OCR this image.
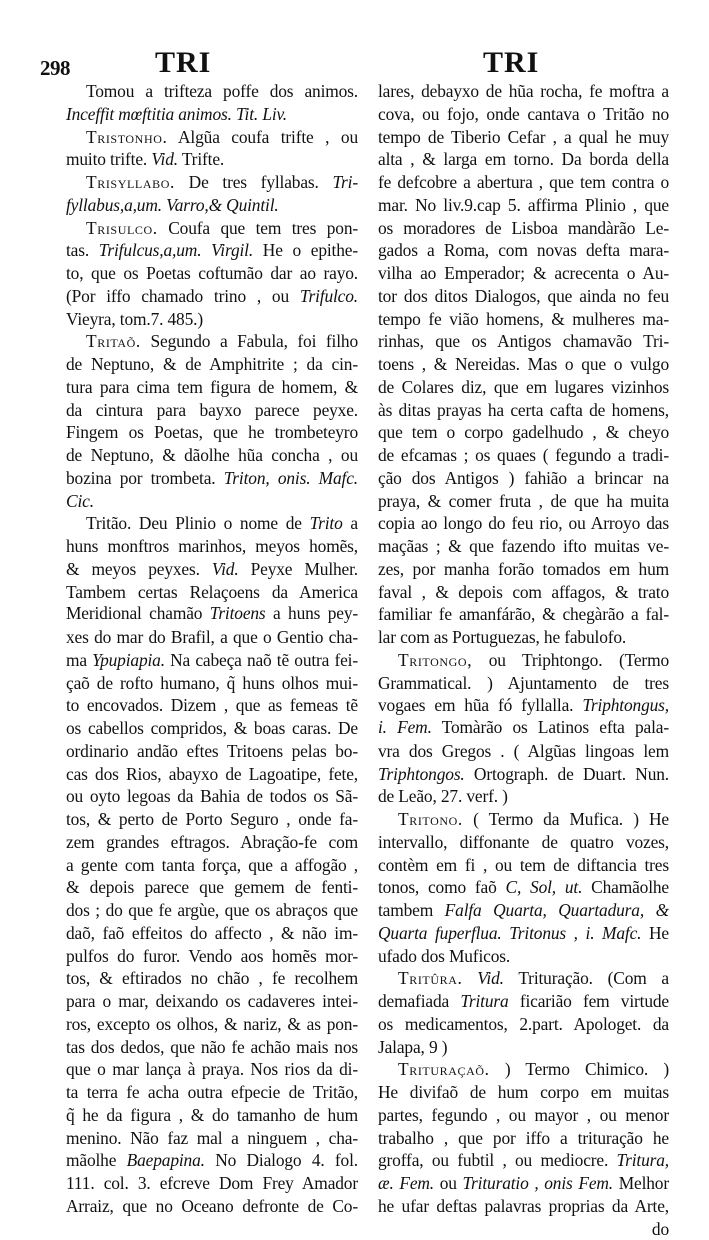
298	TRI	TRI
Tomou a trifteza poffe dos animos.
Inceffit mœftitia animos. Tit. Liv.
Tristonho. Algũa coufa trifte , ou
muito trifte. Vid. Trifte.
Trisyllabo. De tres fyllabas. Tri-
fyllabus,a,um. Varro,& Quintil.
Trisulco. Coufa que tem tres pon-
tas. Trifulcus,a,um. Virgil. He o epithe-
to, que os Poetas coftumão dar ao rayo.
(Por iffo chamado trino , ou Trifulco.
Vieyra, tom.7. 485.)
Tritaõ. Segundo a Fabula, foi filho
de Neptuno, & de Amphitrite ; da cin-
tura para cima tem figura de homem, &
da cintura para bayxo parece peyxe.
Fingem os Poetas, que he trombeteyro
de Neptuno, & dãolhe hũa concha , ou
bozina por trombeta. Triton, onis. Mafc.
Cic.
Tritão. Deu Plinio o nome de Trito a
huns monftros marinhos, meyos homẽs,
& meyos peyxes. Vid. Peyxe Mulher.
Tambem certas Relaçoens da America
Meridional chamão Tritoens a huns pey-
xes do mar do Brafil, a que o Gentio cha-
ma Ypupiapia. Na cabeça naõ tẽ outra fei-
çaõ de rofto humano, q̃ huns olhos mui-
to encovados. Dizem , que as femeas tẽ
os cabellos compridos, & boas caras. De
ordinario andão eftes Tritoens pelas bo-
cas dos Rios, abayxo de Lagoatipe, fete,
ou oyto legoas da Bahia de todos os Sã-
tos, & perto de Porto Seguro , onde fa-
zem grandes eftragos. Abração-fe com
a gente com tanta força, que a affogão ,
& depois parece que gemem de fenti-
dos ; do que fe argùe, que os abraços que
daõ, faõ effeitos do affecto , & não im-
pulfos do furor. Vendo aos homẽs mor-
tos, & eftirados no chão , fe recolhem
para o mar, deixando os cadaveres intei-
ros, excepto os olhos, & nariz, & as pon-
tas dos dedos, que não fe achão mais nos
que o mar lança à praya. Nos rios da di-
ta terra fe acha outra efpecie de Tritão,
q̃ he da figura , & do tamanho de hum
menino. Não faz mal a ninguem , cha-
mãolhe Baepapina. No Dialogo 4. fol.
111. col. 3. efcreve Dom Frey Amador
Arraiz, que no Oceano defronte de Co-
lares, debayxo de hũa rocha, fe moftra a
cova, ou fojo, onde cantava o Tritão no
tempo de Tiberio Cefar , a qual he muy
alta , & larga em torno. Da borda della
fe defcobre a abertura , que tem contra o
mar. No liv.9.cap 5. affirma Plinio , que
os moradores de Lisboa mandàrão Le-
gados a Roma, com novas defta mara-
vilha ao Emperador; & acrecenta o Au-
tor dos ditos Dialogos, que ainda no feu
tempo fe vião homens, & mulheres ma-
rinhas, que os Antigos chamavão Tri-
toens , & Nereidas. Mas o que o vulgo
de Colares diz, que em lugares vizinhos
às ditas prayas ha certa cafta de homens,
que tem o corpo gadelhudo , & cheyo
de efcamas ; os quaes ( fegundo a tradi-
ção dos Antigos ) fahião a brincar na
praya, & comer fruta , de que ha muita
copia ao longo do feu rio, ou Arroyo das
maçãas ; & que fazendo ifto muitas ve-
zes, por manha forão tomados em hum
faval , & depois com affagos, & trato
familiar fe amanfárão, & chegàrão a fal-
lar com as Portuguezas, he fabulofo.
Tritongo, ou Triphtongo. (Termo
Grammatical. ) Ajuntamento de tres
vogaes em hũa fó fyllalla. Triphtongus,
i. Fem. Tomàrão os Latinos efta pala-
vra dos Gregos . ( Algũas lingoas lem
Triphtongos. Ortograph. de Duart. Nun.
de Leão, 27. verf. )
Tritono. ( Termo da Mufica. ) He
intervallo, diffonante de quatro vozes,
contèm em fi , ou tem de diftancia tres
tonos, como faõ C, Sol, ut. Chamãolhe
tambem Falfa Quarta, Quartadura, &
Quarta fuperflua. Tritonus , i. Mafc. He
ufado dos Muficos.
Tritûra. Vid. Trituração. (Com a
demafiada Tritura ficarião fem virtude
os medicamentos, 2.part. Apologet. da
Jalapa, 9 )
Trituraçaõ. ) Termo Chimico. )
He divifaõ de hum corpo em muitas
partes, fegundo , ou mayor , ou menor
trabalho , que por iffo a trituração he
groffa, ou fubtil , ou mediocre. Tritura,
æ. Fem. ou Trituratio , onis Fem. Melhor
he ufar deftas palavras proprias da Arte,
do
